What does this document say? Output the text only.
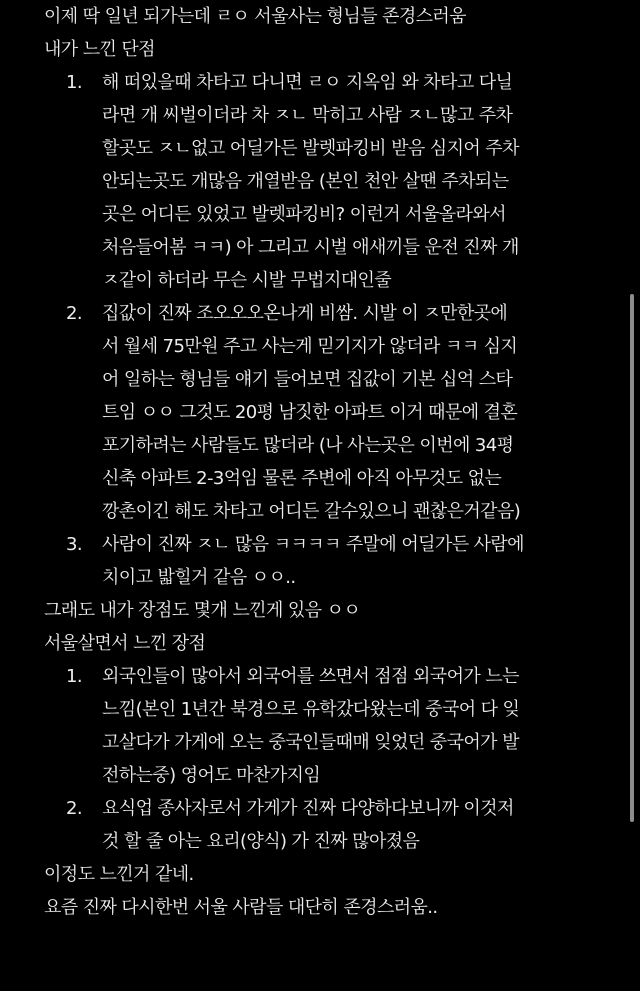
이제 딱 일년 되가는데 ㄹㅇ 서울사는 형님들 존경스러움
내가 느낀 단점
1. 해 떠있을때 차타고 다니면 ㄹㅇ 지옥임 와 차타고 다닐
라면 개 씨벌이더라 차 ㅈㄴ 막히고 사람 ㅈㄴ많고 주차
할곳도 ㅈㄴ없고 어딜가든 발렛파킹비 받음 심지어 주차
안되는곳도 개많음 개열받음 (본인 천안 살땐 주차되는
곳은 어디든 있었고 발렛파킹비? 이런거 서울올라와서
처음들어봄 ㅋㅋ) 아 그리고 시벌 애새끼들 운전 진짜 개
ㅈ같이 하더라 무슨 시발 무법지대인줄
2. 집값이 진짜 조오오오온나게 비쌈. 시발 이 ㅈ만한곳에
서 월세 75만원 주고 사는게 믿기지가 않더라 ㅋㅋ 심지
어 일하는 형님들 얘기 들어보면 집값이 기본 십억 스타
트임 ㅇㅇ 그것도 20평 남짓한 아파트 이거 때문에 결혼
포기하려는 사람들도 많더라 (나 사는곳은 이번에 34평
신축 아파트 2-3억임 물론 주변에 아직 아무것도 없는
깡촌이긴 해도 차타고 어디든 갈수있으니 괜찮은거같음)
3. 사람이 진짜 ㅈㄴ 많음 ㅋㅋㅋㅋ 주말에 어딜가든 사람에
치이고 밟힐거 같음 ㅇㅇ..
그래도 내가 장점도 몇개 느낀게 있음 ㅇㅇ
서울살면서 느낀 장점
1. 외국인들이 많아서 외국어를 쓰면서 점점 외국어가 느는
느낌(본인 1년간 북경으로 유학갔다왔는데 중국어 다 잊
고살다가 가게에 오는 중국인들때매 잊었던 중국어가 발
전하는중) 영어도 마찬가지임
2. 요식업 종사자로서 가게가 진짜 다양하다보니까 이것저
것 할 줄 아는 요리(양식) 가 진짜 많아졌음
이정도 느낀거 같네.
요즘 진짜 다시한번 서울 사람들 대단히 존경스러움..
